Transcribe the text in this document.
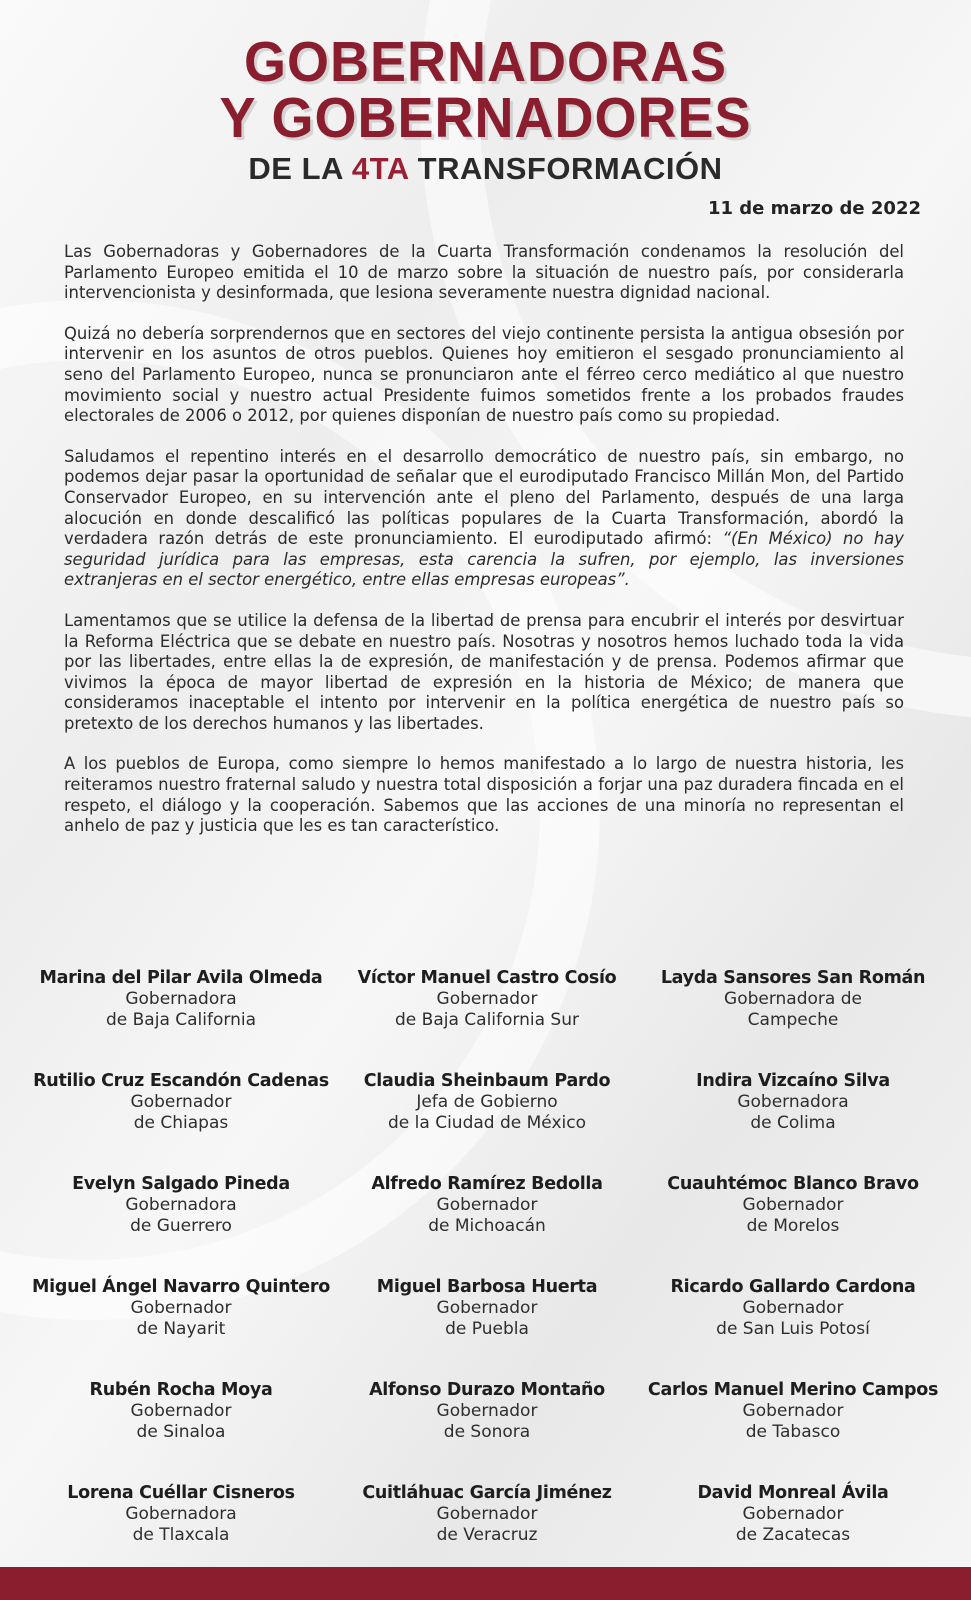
GOBERNADORAS
Y GOBERNADORES
DE LA 4TA TRANSFORMACIÓN
11 de marzo de 2022

Las Gobernadoras y Gobernadores de la Cuarta Transformación condenamos la resolución del Parlamento Europeo emitida el 10 de marzo sobre la situación de nuestro país, por considerarla intervencionista y desinformada, que lesiona severamente nuestra dignidad nacional.

Quizá no debería sorprendernos que en sectores del viejo continente persista la antigua obsesión por intervenir en los asuntos de otros pueblos. Quienes hoy emitieron el sesgado pronunciamiento al seno del Parlamento Europeo, nunca se pronunciaron ante el férreo cerco mediático al que nuestro movimiento social y nuestro actual Presidente fuimos sometidos frente a los probados fraudes electorales de 2006 o 2012, por quienes disponían de nuestro país como su propiedad.

Saludamos el repentino interés en el desarrollo democrático de nuestro país, sin embargo, no podemos dejar pasar la oportunidad de señalar que el eurodiputado Francisco Millán Mon, del Partido Conservador Europeo, en su intervención ante el pleno del Parlamento, después de una larga alocución en donde descalificó las políticas populares de la Cuarta Transformación, abordó la verdadera razón detrás de este pronunciamiento. El eurodiputado afirmó: “(En México) no hay seguridad jurídica para las empresas, esta carencia la sufren, por ejemplo, las inversiones extranjeras en el sector energético, entre ellas empresas europeas”.

Lamentamos que se utilice la defensa de la libertad de prensa para encubrir el interés por desvirtuar la Reforma Eléctrica que se debate en nuestro país. Nosotras y nosotros hemos luchado toda la vida por las libertades, entre ellas la de expresión, de manifestación y de prensa. Podemos afirmar que vivimos la época de mayor libertad de expresión en la historia de México; de manera que consideramos inaceptable el intento por intervenir en la política energética de nuestro país so pretexto de los derechos humanos y las libertades.

A los pueblos de Europa, como siempre lo hemos manifestado a lo largo de nuestra historia, les reiteramos nuestro fraternal saludo y nuestra total disposición a forjar una paz duradera fincada en el respeto, el diálogo y la cooperación. Sabemos que las acciones de una minoría no representan el anhelo de paz y justicia que les es tan característico.

Marina del Pilar Avila Olmeda
Gobernadora
de Baja California
Víctor Manuel Castro Cosío
Gobernador
de Baja California Sur
Layda Sansores San Román
Gobernadora de
Campeche
Rutilio Cruz Escandón Cadenas
Gobernador
de Chiapas
Claudia Sheinbaum Pardo
Jefa de Gobierno
de la Ciudad de México
Indira Vizcaíno Silva
Gobernadora
de Colima
Evelyn Salgado Pineda
Gobernadora
de Guerrero
Alfredo Ramírez Bedolla
Gobernador
de Michoacán
Cuauhtémoc Blanco Bravo
Gobernador
de Morelos
Miguel Ángel Navarro Quintero
Gobernador
de Nayarit
Miguel Barbosa Huerta
Gobernador
de Puebla
Ricardo Gallardo Cardona
Gobernador
de San Luis Potosí
Rubén Rocha Moya
Gobernador
de Sinaloa
Alfonso Durazo Montaño
Gobernador
de Sonora
Carlos Manuel Merino Campos
Gobernador
de Tabasco
Lorena Cuéllar Cisneros
Gobernadora
de Tlaxcala
Cuitláhuac García Jiménez
Gobernador
de Veracruz
David Monreal Ávila
Gobernador
de Zacatecas
